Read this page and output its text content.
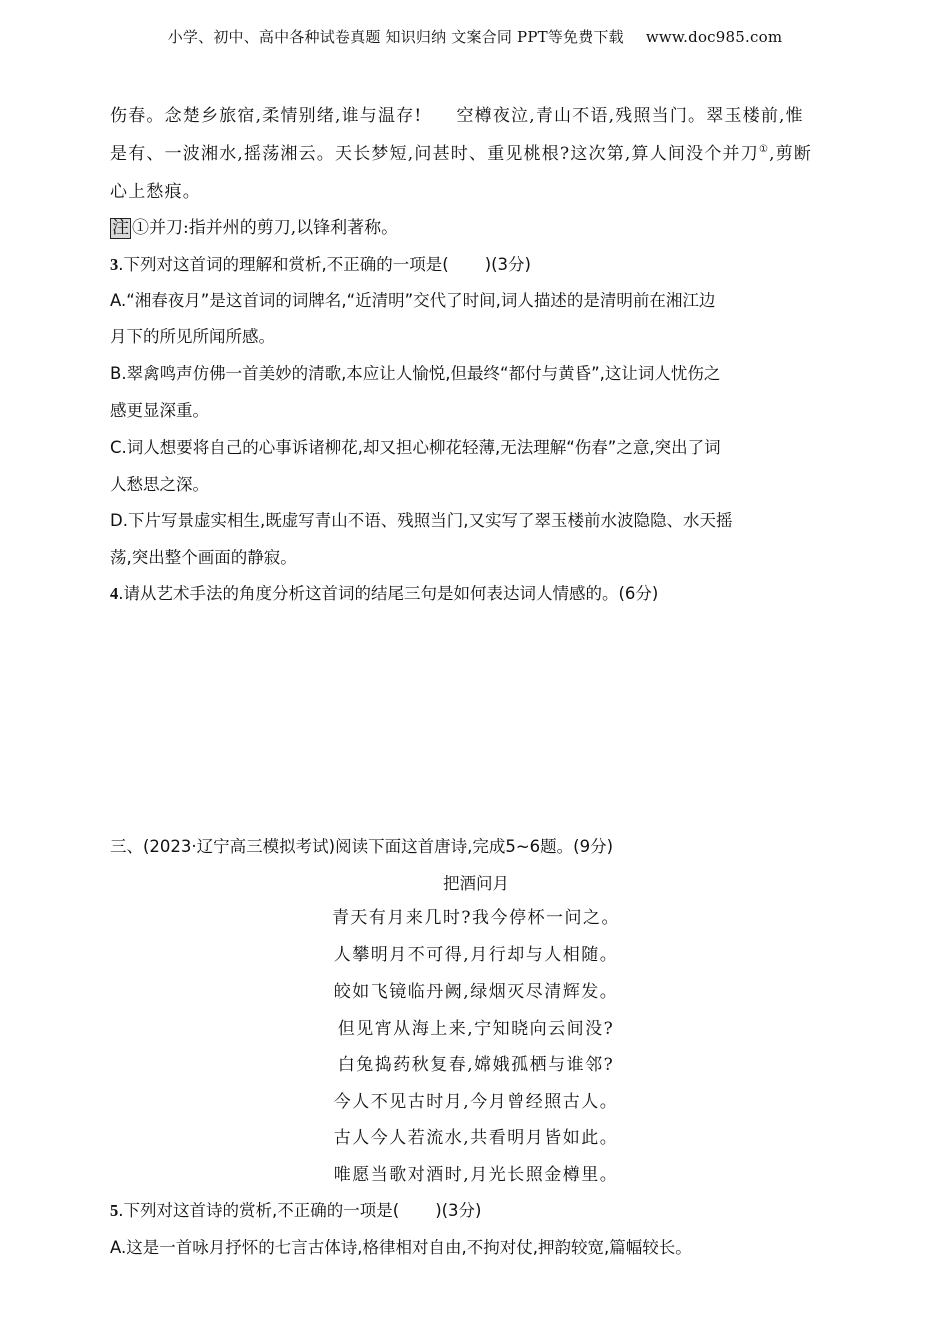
小学、初中、高中各种试卷真题 知识归纳 文案合同 PPT等免费下载 www.doc985.com
伤春。念楚乡旅宿,柔情别绪,谁与温存! 空樽夜泣,青山不语,残照当门。翠玉楼前,惟
是有、一波湘水,摇荡湘云。天长梦短,问甚时、重见桃根?这次第,算人间没个并刀①,剪断
心上愁痕。
注 ①并刀:指并州的剪刀,以锋利著称。
3.下列对这首词的理解和赏析,不正确的一项是( )(3分)
A.“湘春夜月”是这首词的词牌名,“近清明”交代了时间,词人描述的是清明前在湘江边
月下的所见所闻所感。
B.翠禽鸣声仿佛一首美妙的清歌,本应让人愉悦,但最终“都付与黄昏”,这让词人忧伤之
感更显深重。
C.词人想要将自己的心事诉诸柳花,却又担心柳花轻薄,无法理解“伤春”之意,突出了词
人愁思之深。
D.下片写景虚实相生,既虚写青山不语、残照当门,又实写了翠玉楼前水波隐隐、水天摇
荡,突出整个画面的静寂。
4.请从艺术手法的角度分析这首词的结尾三句是如何表达词人情感的。(6分)
三、(2023·辽宁高三模拟考试)阅读下面这首唐诗,完成5~6题。(9分)
把酒问月
青天有月来几时?我今停杯一问之。
人攀明月不可得,月行却与人相随。
皎如飞镜临丹阙,绿烟灭尽清辉发。
但见宵从海上来,宁知晓向云间没?
白兔捣药秋复春,嫦娥孤栖与谁邻?
今人不见古时月,今月曾经照古人。
古人今人若流水,共看明月皆如此。
唯愿当歌对酒时,月光长照金樽里。
5.下列对这首诗的赏析,不正确的一项是( )(3分)
A.这是一首咏月抒怀的七言古体诗,格律相对自由,不拘对仗,押韵较宽,篇幅较长。
